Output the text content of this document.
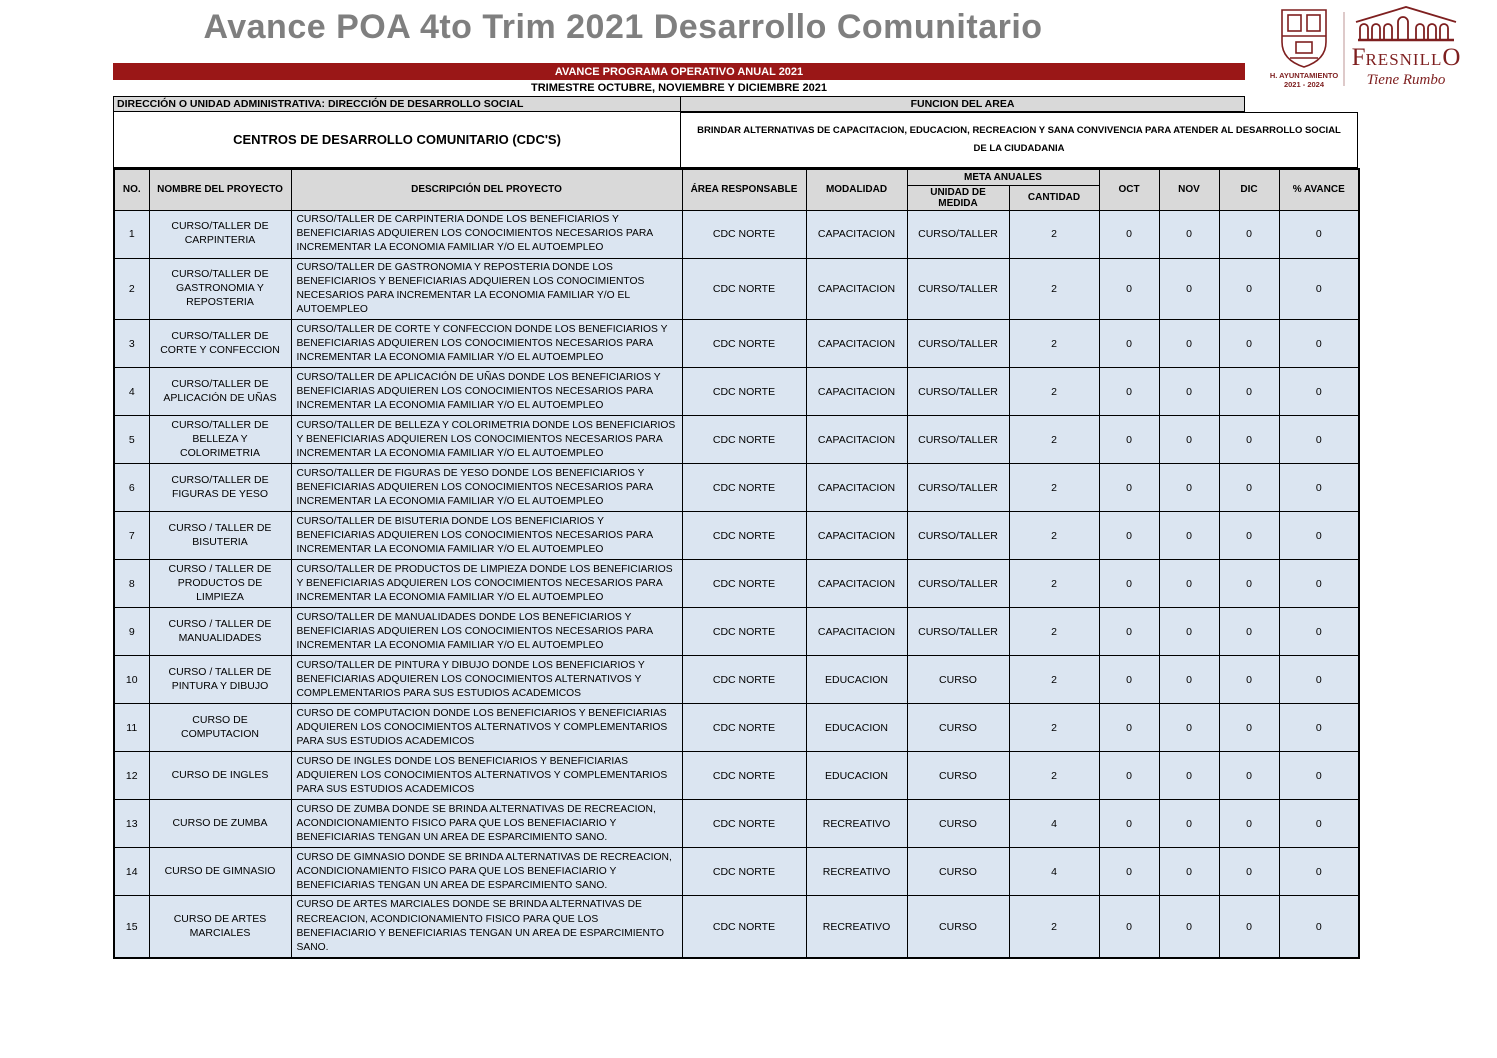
Avance POA 4to Trim 2021 Desarrollo Comunitario
H. AYUNTAMIENTO
2021 - 2024
FRESNILLO
Tiene Rumbo
AVANCE PROGRAMA OPERATIVO ANUAL 2021
TRIMESTRE OCTUBRE, NOVIEMBRE Y DICIEMBRE 2021
DIRECCIÓN O UNIDAD ADMINISTRATIVA: DIRECCIÓN DE DESARROLLO SOCIAL	FUNCION DEL AREA
CENTROS DE DESARROLLO COMUNITARIO (CDC'S)
BRINDAR ALTERNATIVAS DE CAPACITACION, EDUCACION, RECREACION Y SANA CONVIVENCIA PARA ATENDER AL DESARROLLO SOCIAL DE LA CIUDADANIA
NO.	NOMBRE DEL PROYECTO	DESCRIPCIÓN DEL PROYECTO	ÁREA RESPONSABLE	MODALIDAD	META ANUALES		OCT	NOV	DIC	% AVANCE
					UNIDAD DE MEDIDA	CANTIDAD				
1	CURSO/TALLER DE CARPINTERIA	CURSO/TALLER DE CARPINTERIA DONDE LOS BENEFICIARIOS Y BENEFICIARIAS ADQUIEREN LOS CONOCIMIENTOS NECESARIOS PARA INCREMENTAR LA ECONOMIA FAMILIAR Y/O EL AUTOEMPLEO	CDC NORTE	CAPACITACION	CURSO/TALLER	2	0	0	0	0
2	CURSO/TALLER DE GASTRONOMIA Y REPOSTERIA	CURSO/TALLER DE GASTRONOMIA Y REPOSTERIA DONDE LOS BENEFICIARIOS Y BENEFICIARIAS ADQUIEREN LOS CONOCIMIENTOS NECESARIOS PARA INCREMENTAR LA ECONOMIA FAMILIAR Y/O EL AUTOEMPLEO	CDC NORTE	CAPACITACION	CURSO/TALLER	2	0	0	0	0
3	CURSO/TALLER DE CORTE Y CONFECCION	CURSO/TALLER DE CORTE Y CONFECCION DONDE LOS BENEFICIARIOS Y BENEFICIARIAS ADQUIEREN LOS CONOCIMIENTOS NECESARIOS PARA INCREMENTAR LA ECONOMIA FAMILIAR Y/O EL AUTOEMPLEO	CDC NORTE	CAPACITACION	CURSO/TALLER	2	0	0	0	0
4	CURSO/TALLER DE APLICACIÓN DE UÑAS	CURSO/TALLER DE APLICACIÓN DE UÑAS DONDE LOS BENEFICIARIOS Y BENEFICIARIAS ADQUIEREN LOS CONOCIMIENTOS NECESARIOS PARA INCREMENTAR LA ECONOMIA FAMILIAR Y/O EL AUTOEMPLEO	CDC NORTE	CAPACITACION	CURSO/TALLER	2	0	0	0	0
5	CURSO/TALLER DE BELLEZA Y COLORIMETRIA	CURSO/TALLER DE BELLEZA Y COLORIMETRIA DONDE LOS BENEFICIARIOS Y BENEFICIARIAS ADQUIEREN LOS CONOCIMIENTOS NECESARIOS PARA INCREMENTAR LA ECONOMIA FAMILIAR Y/O EL AUTOEMPLEO	CDC NORTE	CAPACITACION	CURSO/TALLER	2	0	0	0	0
6	CURSO/TALLER DE FIGURAS DE YESO	CURSO/TALLER DE FIGURAS DE YESO DONDE LOS BENEFICIARIOS Y BENEFICIARIAS ADQUIEREN LOS CONOCIMIENTOS NECESARIOS PARA INCREMENTAR LA ECONOMIA FAMILIAR Y/O EL AUTOEMPLEO	CDC NORTE	CAPACITACION	CURSO/TALLER	2	0	0	0	0
7	CURSO / TALLER DE BISUTERIA	CURSO/TALLER DE BISUTERIA DONDE LOS BENEFICIARIOS Y BENEFICIARIAS ADQUIEREN LOS CONOCIMIENTOS NECESARIOS PARA INCREMENTAR LA ECONOMIA FAMILIAR Y/O EL AUTOEMPLEO	CDC NORTE	CAPACITACION	CURSO/TALLER	2	0	0	0	0
8	CURSO / TALLER DE PRODUCTOS DE LIMPIEZA	CURSO/TALLER DE PRODUCTOS DE LIMPIEZA DONDE LOS BENEFICIARIOS Y BENEFICIARIAS ADQUIEREN LOS CONOCIMIENTOS NECESARIOS PARA INCREMENTAR LA ECONOMIA FAMILIAR Y/O EL AUTOEMPLEO	CDC NORTE	CAPACITACION	CURSO/TALLER	2	0	0	0	0
9	CURSO / TALLER DE MANUALIDADES	CURSO/TALLER DE MANUALIDADES DONDE LOS BENEFICIARIOS Y BENEFICIARIAS ADQUIEREN LOS CONOCIMIENTOS NECESARIOS PARA INCREMENTAR LA ECONOMIA FAMILIAR Y/O EL AUTOEMPLEO	CDC NORTE	CAPACITACION	CURSO/TALLER	2	0	0	0	0
10	CURSO / TALLER DE PINTURA Y DIBUJO	CURSO/TALLER DE PINTURA Y DIBUJO DONDE LOS BENEFICIARIOS Y BENEFICIARIAS ADQUIEREN LOS CONOCIMIENTOS ALTERNATIVOS Y COMPLEMENTARIOS PARA SUS ESTUDIOS ACADEMICOS	CDC NORTE	EDUCACION	CURSO	2	0	0	0	0
11	CURSO DE COMPUTACION	CURSO DE COMPUTACION DONDE LOS BENEFICIARIOS Y BENEFICIARIAS ADQUIEREN LOS CONOCIMIENTOS ALTERNATIVOS Y COMPLEMENTARIOS PARA SUS ESTUDIOS ACADEMICOS	CDC NORTE	EDUCACION	CURSO	2	0	0	0	0
12	CURSO DE INGLES	CURSO DE INGLES DONDE LOS BENEFICIARIOS Y BENEFICIARIAS ADQUIEREN LOS CONOCIMIENTOS ALTERNATIVOS Y COMPLEMENTARIOS PARA SUS ESTUDIOS ACADEMICOS	CDC NORTE	EDUCACION	CURSO	2	0	0	0	0
13	CURSO DE ZUMBA	CURSO DE ZUMBA DONDE SE BRINDA ALTERNATIVAS DE RECREACION, ACONDICIONAMIENTO FISICO PARA QUE LOS BENEFIACIARIO Y BENEFICIARIAS TENGAN UN AREA DE ESPARCIMIENTO SANO.	CDC NORTE	RECREATIVO	CURSO	4	0	0	0	0
14	CURSO DE GIMNASIO	CURSO DE GIMNASIO DONDE SE BRINDA ALTERNATIVAS DE RECREACION, ACONDICIONAMIENTO FISICO PARA QUE LOS BENEFIACIARIO Y BENEFICIARIAS TENGAN UN AREA DE ESPARCIMIENTO SANO.	CDC NORTE	RECREATIVO	CURSO	4	0	0	0	0
15	CURSO DE ARTES MARCIALES	CURSO DE ARTES MARCIALES DONDE SE BRINDA ALTERNATIVAS DE RECREACION, ACONDICIONAMIENTO FISICO PARA QUE LOS BENEFIACIARIO Y BENEFICIARIAS TENGAN UN AREA DE ESPARCIMIENTO SANO.	CDC NORTE	RECREATIVO	CURSO	2	0	0	0	0
